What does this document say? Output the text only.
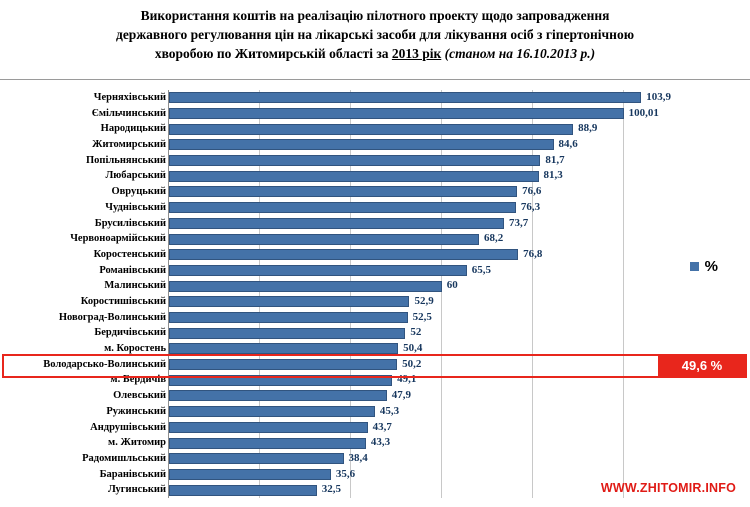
Використання коштів на реалізацію пілотного проекту щодо запровадження
державного регулювання цін на лікарські засоби для лікування осіб з гіпертонічною
хворобою по Житомирській області за 2013 рік (станом на 16.10.2013 р.)
%
Черняхівський	103,9
Ємільчинський	100,01
Народицький	88,9
Житомирський	84,6
Попільнянський	81,7
Любарський	81,3
Овруцький	76,6
Чуднівський	76,3
Брусилівський	73,7
Червоноармійський	68,2
Коростенський	76,8
Романівський	65,5
Малинський	60
Коростишівський	52,9
Новоград-Волинський	52,5
Бердичівський	52
м. Коростень	50,4
Володарсько-Волинський	50,2
м. Бердичів	49,1
Олевський	47,9
Ружинський	45,3
Андрушівський	43,7
м. Житомир	43,3
Радомишльський	38,4
Баранівський	35,6
Лугинський	32,5	WWW.ZHITOMIR.INFO
49,6 %
